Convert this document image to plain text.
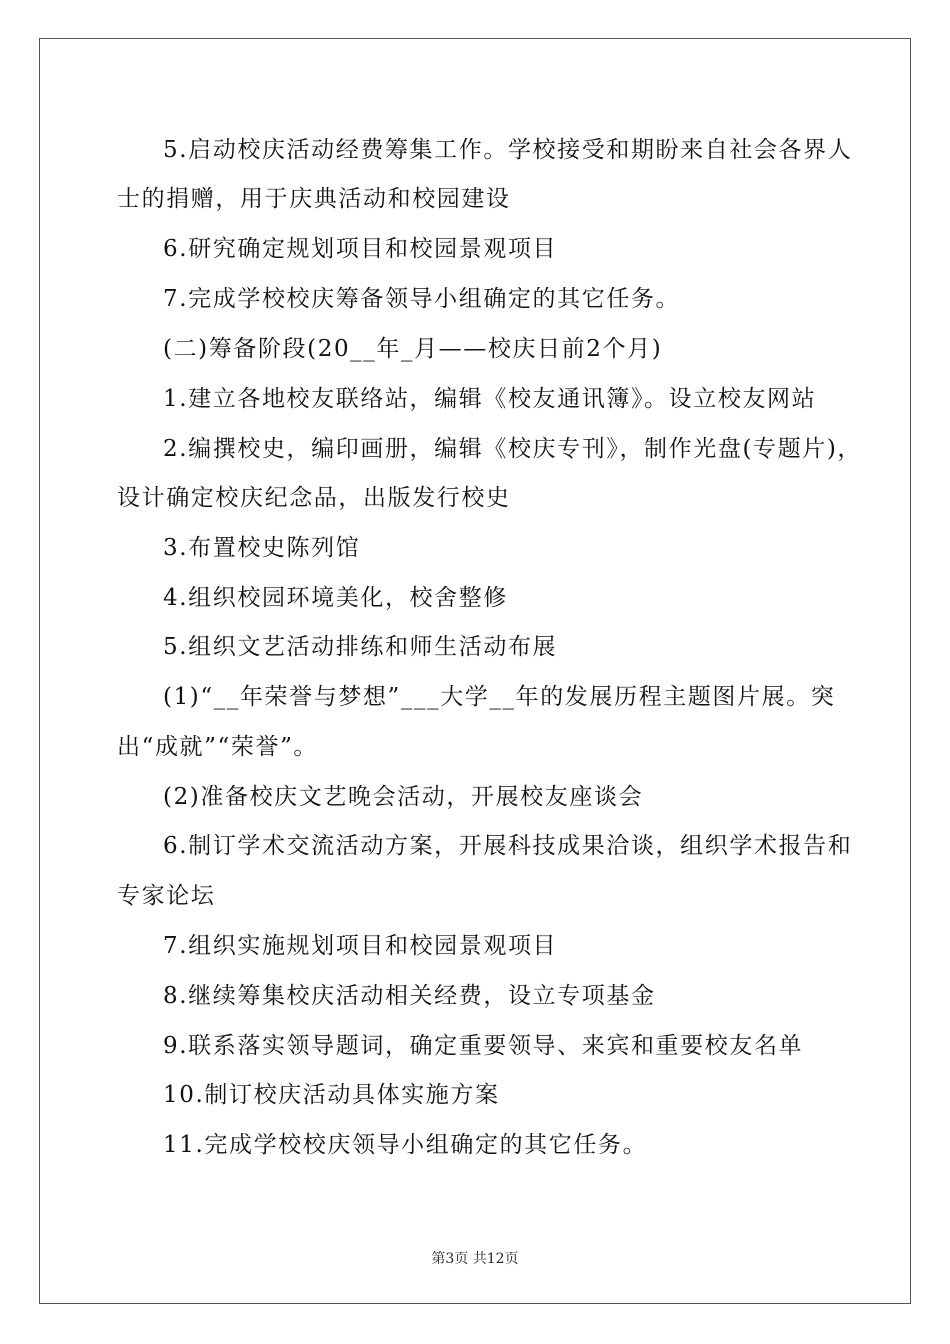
5.启动校庆活动经费筹集工作。学校接受和期盼来自社会各界人
士的捐赠，用于庆典活动和校园建设
6.研究确定规划项目和校园景观项目
7.完成学校校庆筹备领导小组确定的其它任务。
(二)筹备阶段(20__年_月——校庆日前2个月)
1.建立各地校友联络站，编辑《校友通讯簿》。设立校友网站
2.编撰校史，编印画册，编辑《校庆专刊》，制作光盘(专题片)，
设计确定校庆纪念品，出版发行校史
3.布置校史陈列馆
4.组织校园环境美化，校舍整修
5.组织文艺活动排练和师生活动布展
(1)“__年荣誉与梦想”___大学__年的发展历程主题图片展。突
出“成就”“荣誉”。
(2)准备校庆文艺晚会活动，开展校友座谈会
6.制订学术交流活动方案，开展科技成果洽谈，组织学术报告和
专家论坛
7.组织实施规划项目和校园景观项目
8.继续筹集校庆活动相关经费，设立专项基金
9.联系落实领导题词，确定重要领导、来宾和重要校友名单
10.制订校庆活动具体实施方案
11.完成学校校庆领导小组确定的其它任务。
第3页 共12页
